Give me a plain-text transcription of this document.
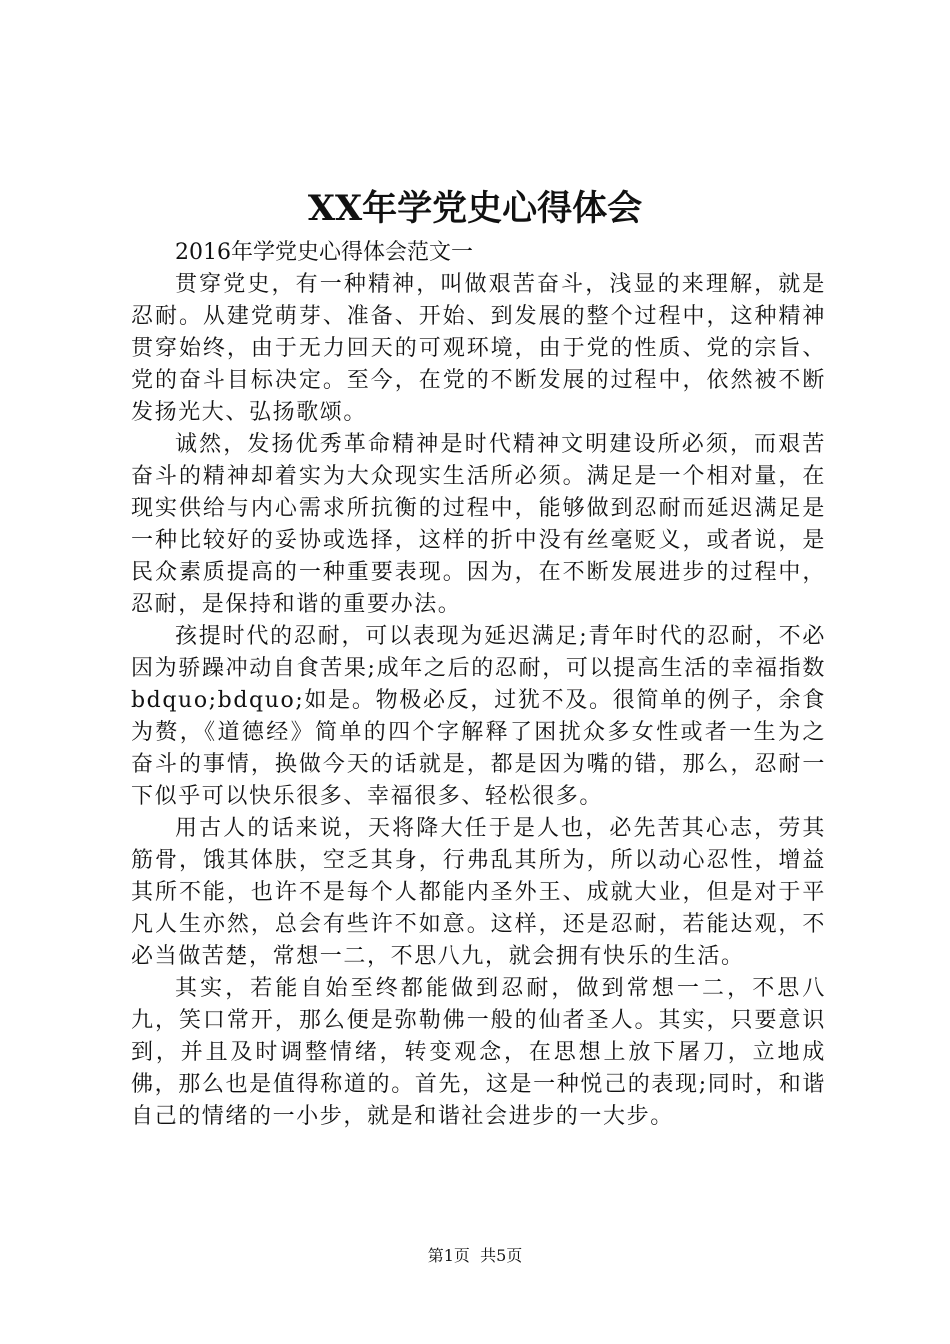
XX年学党史心得体会

2016年学党史心得体会范文一

贯穿党史，有一种精神，叫做艰苦奋斗，浅显的来理解，就是忍耐。从建党萌芽、准备、开始、到发展的整个过程中，这种精神贯穿始终，由于无力回天的可观环境，由于党的性质、党的宗旨、党的奋斗目标决定。至今，在党的不断发展的过程中，依然被不断发扬光大、弘扬歌颂。

诚然，发扬优秀革命精神是时代精神文明建设所必须，而艰苦奋斗的精神却着实为大众现实生活所必须。满足是一个相对量，在现实供给与内心需求所抗衡的过程中，能够做到忍耐而延迟满足是一种比较好的妥协或选择，这样的折中没有丝毫贬义，或者说，是民众素质提高的一种重要表现。因为，在不断发展进步的过程中，忍耐，是保持和谐的重要办法。

孩提时代的忍耐，可以表现为延迟满足;青年时代的忍耐，不必因为骄躁冲动自食苦果;成年之后的忍耐，可以提高生活的幸福指数bdquo;bdquo;如是。物极必反，过犹不及。很简单的例子，余食为赘，《道德经》简单的四个字解释了困扰众多女性或者一生为之奋斗的事情，换做今天的话就是，都是因为嘴的错，那么，忍耐一下似乎可以快乐很多、幸福很多、轻松很多。

用古人的话来说，天将降大任于是人也，必先苦其心志，劳其筋骨，饿其体肤，空乏其身，行弗乱其所为，所以动心忍性，增益其所不能，也许不是每个人都能内圣外王、成就大业，但是对于平凡人生亦然，总会有些许不如意。这样，还是忍耐，若能达观，不必当做苦楚，常想一二，不思八九，就会拥有快乐的生活。

其实，若能自始至终都能做到忍耐，做到常想一二，不思八九，笑口常开，那么便是弥勒佛一般的仙者圣人。其实，只要意识到，并且及时调整情绪，转变观念，在思想上放下屠刀，立地成佛，那么也是值得称道的。首先，这是一种悦己的表现;同时，和谐自己的情绪的一小步，就是和谐社会进步的一大步。

第1页  共5页
